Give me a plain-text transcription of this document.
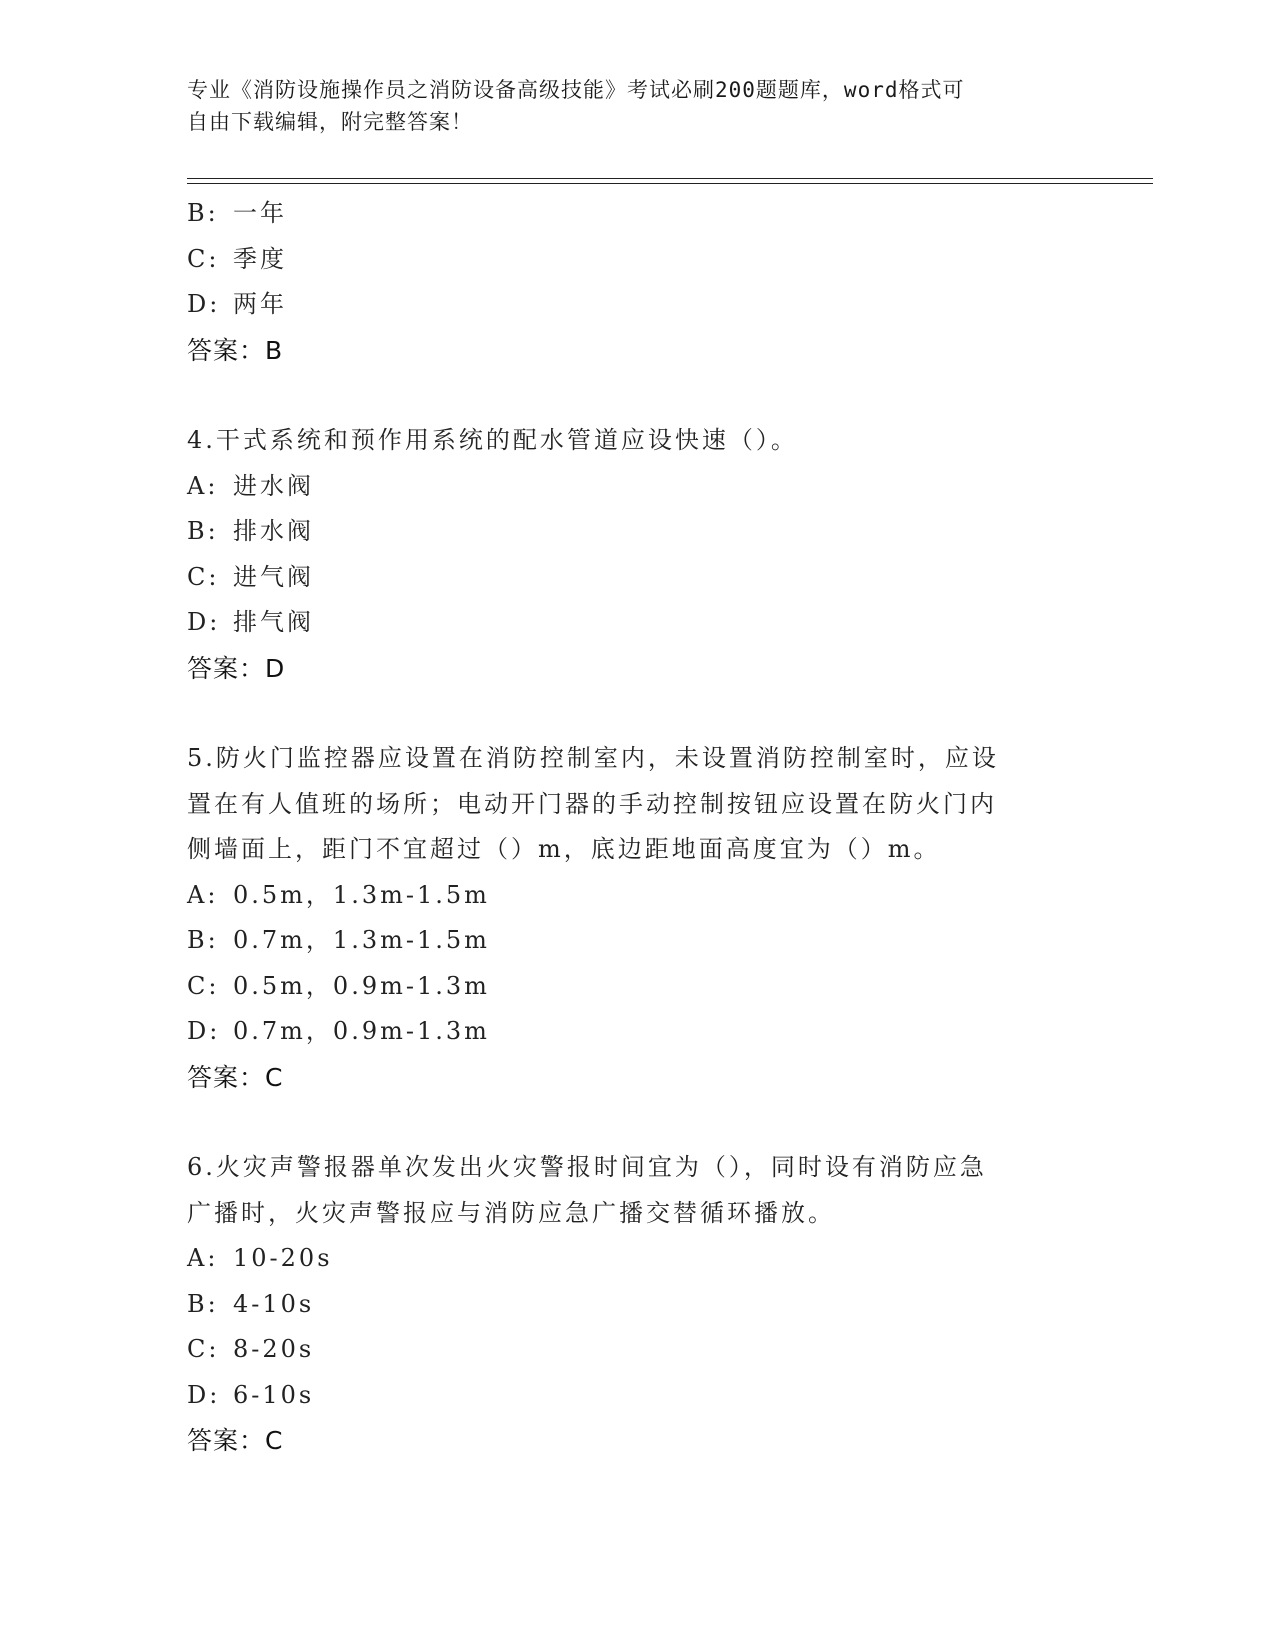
专业《消防设施操作员之消防设备高级技能》考试必刷200题题库，word格式可
自由下载编辑，附完整答案！
B: 一年
C: 季度
D: 两年
答案：B
4.干式系统和预作用系统的配水管道应设快速（）。
A: 进水阀
B: 排水阀
C: 进气阀
D: 排气阀
答案：D
5.防火门监控器应设置在消防控制室内，未设置消防控制室时，应设
置在有人值班的场所；电动开门器的手动控制按钮应设置在防火门内
侧墙面上，距门不宜超过（）m，底边距地面高度宜为（）m。
A: 0.5m，1.3m-1.5m
B: 0.7m，1.3m-1.5m
C: 0.5m，0.9m-1.3m
D: 0.7m，0.9m-1.3m
答案：C
6.火灾声警报器单次发出火灾警报时间宜为（），同时设有消防应急
广播时，火灾声警报应与消防应急广播交替循环播放。
A: 10-20s
B: 4-10s
C: 8-20s
D: 6-10s
答案：C
